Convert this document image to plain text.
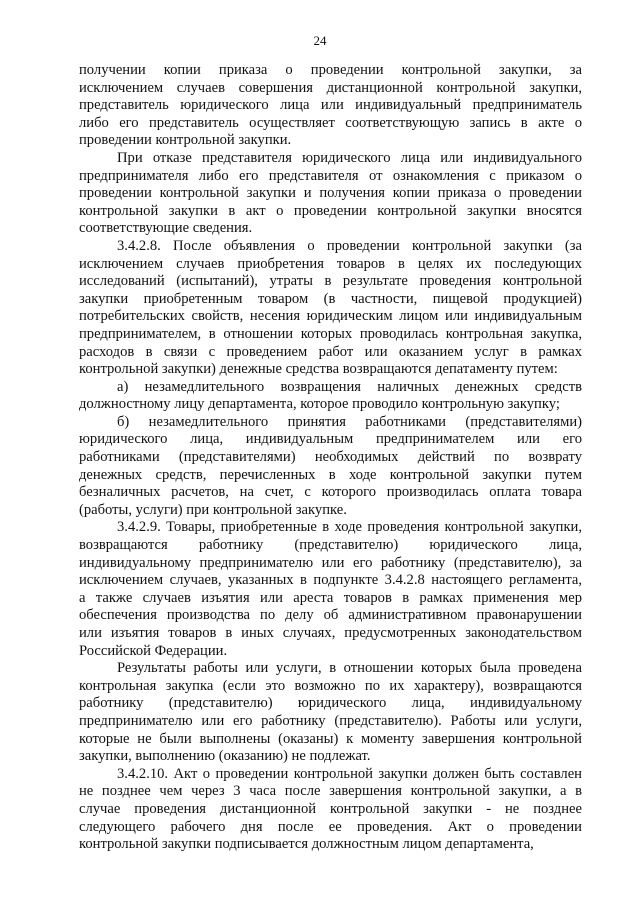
24
получении копии приказа о проведении контрольной закупки, за
исключением случаев совершения дистанционной контрольной закупки,
представитель юридического лица или индивидуальный предприниматель
либо его представитель осуществляет соответствующую запись в акте о
проведении контрольной закупки.
При отказе представителя юридического лица или индивидуального
предпринимателя либо его представителя от ознакомления с приказом о
проведении контрольной закупки и получения копии приказа о проведении
контрольной закупки в акт о проведении контрольной закупки вносятся
соответствующие сведения.
3.4.2.8. После объявления о проведении контрольной закупки (за
исключением случаев приобретения товаров в целях их последующих
исследований (испытаний), утраты в результате проведения контрольной
закупки приобретенным товаром (в частности, пищевой продукцией)
потребительских свойств, несения юридическим лицом или индивидуальным
предпринимателем, в отношении которых проводилась контрольная закупка,
расходов в связи с проведением работ или оказанием услуг в рамках
контрольной закупки) денежные средства возвращаются депатаменту путем:
а) незамедлительного возвращения наличных денежных средств
должностному лицу департамента, которое проводило контрольную закупку;
б) незамедлительного принятия работниками (представителями)
юридического лица, индивидуальным предпринимателем или его
работниками (представителями) необходимых действий по возврату
денежных средств, перечисленных в ходе контрольной закупки путем
безналичных расчетов, на счет, с которого производилась оплата товара
(работы, услуги) при контрольной закупке.
3.4.2.9. Товары, приобретенные в ходе проведения контрольной закупки,
возвращаются работнику (представителю) юридического лица,
индивидуальному предпринимателю или его работнику (представителю), за
исключением случаев, указанных в подпункте 3.4.2.8 настоящего регламента,
а также случаев изъятия или ареста товаров в рамках применения мер
обеспечения производства по делу об административном правонарушении
или изъятия товаров в иных случаях, предусмотренных законодательством
Российской Федерации.
Результаты работы или услуги, в отношении которых была проведена
контрольная закупка (если это возможно по их характеру), возвращаются
работнику (представителю) юридического лица, индивидуальному
предпринимателю или его работнику (представителю). Работы или услуги,
которые не были выполнены (оказаны) к моменту завершения контрольной
закупки, выполнению (оказанию) не подлежат.
3.4.2.10. Акт о проведении контрольной закупки должен быть составлен
не позднее чем через 3 часа после завершения контрольной закупки, а в
случае проведения дистанционной контрольной закупки - не позднее
следующего рабочего дня после ее проведения. Акт о проведении
контрольной закупки подписывается должностным лицом департамента,
